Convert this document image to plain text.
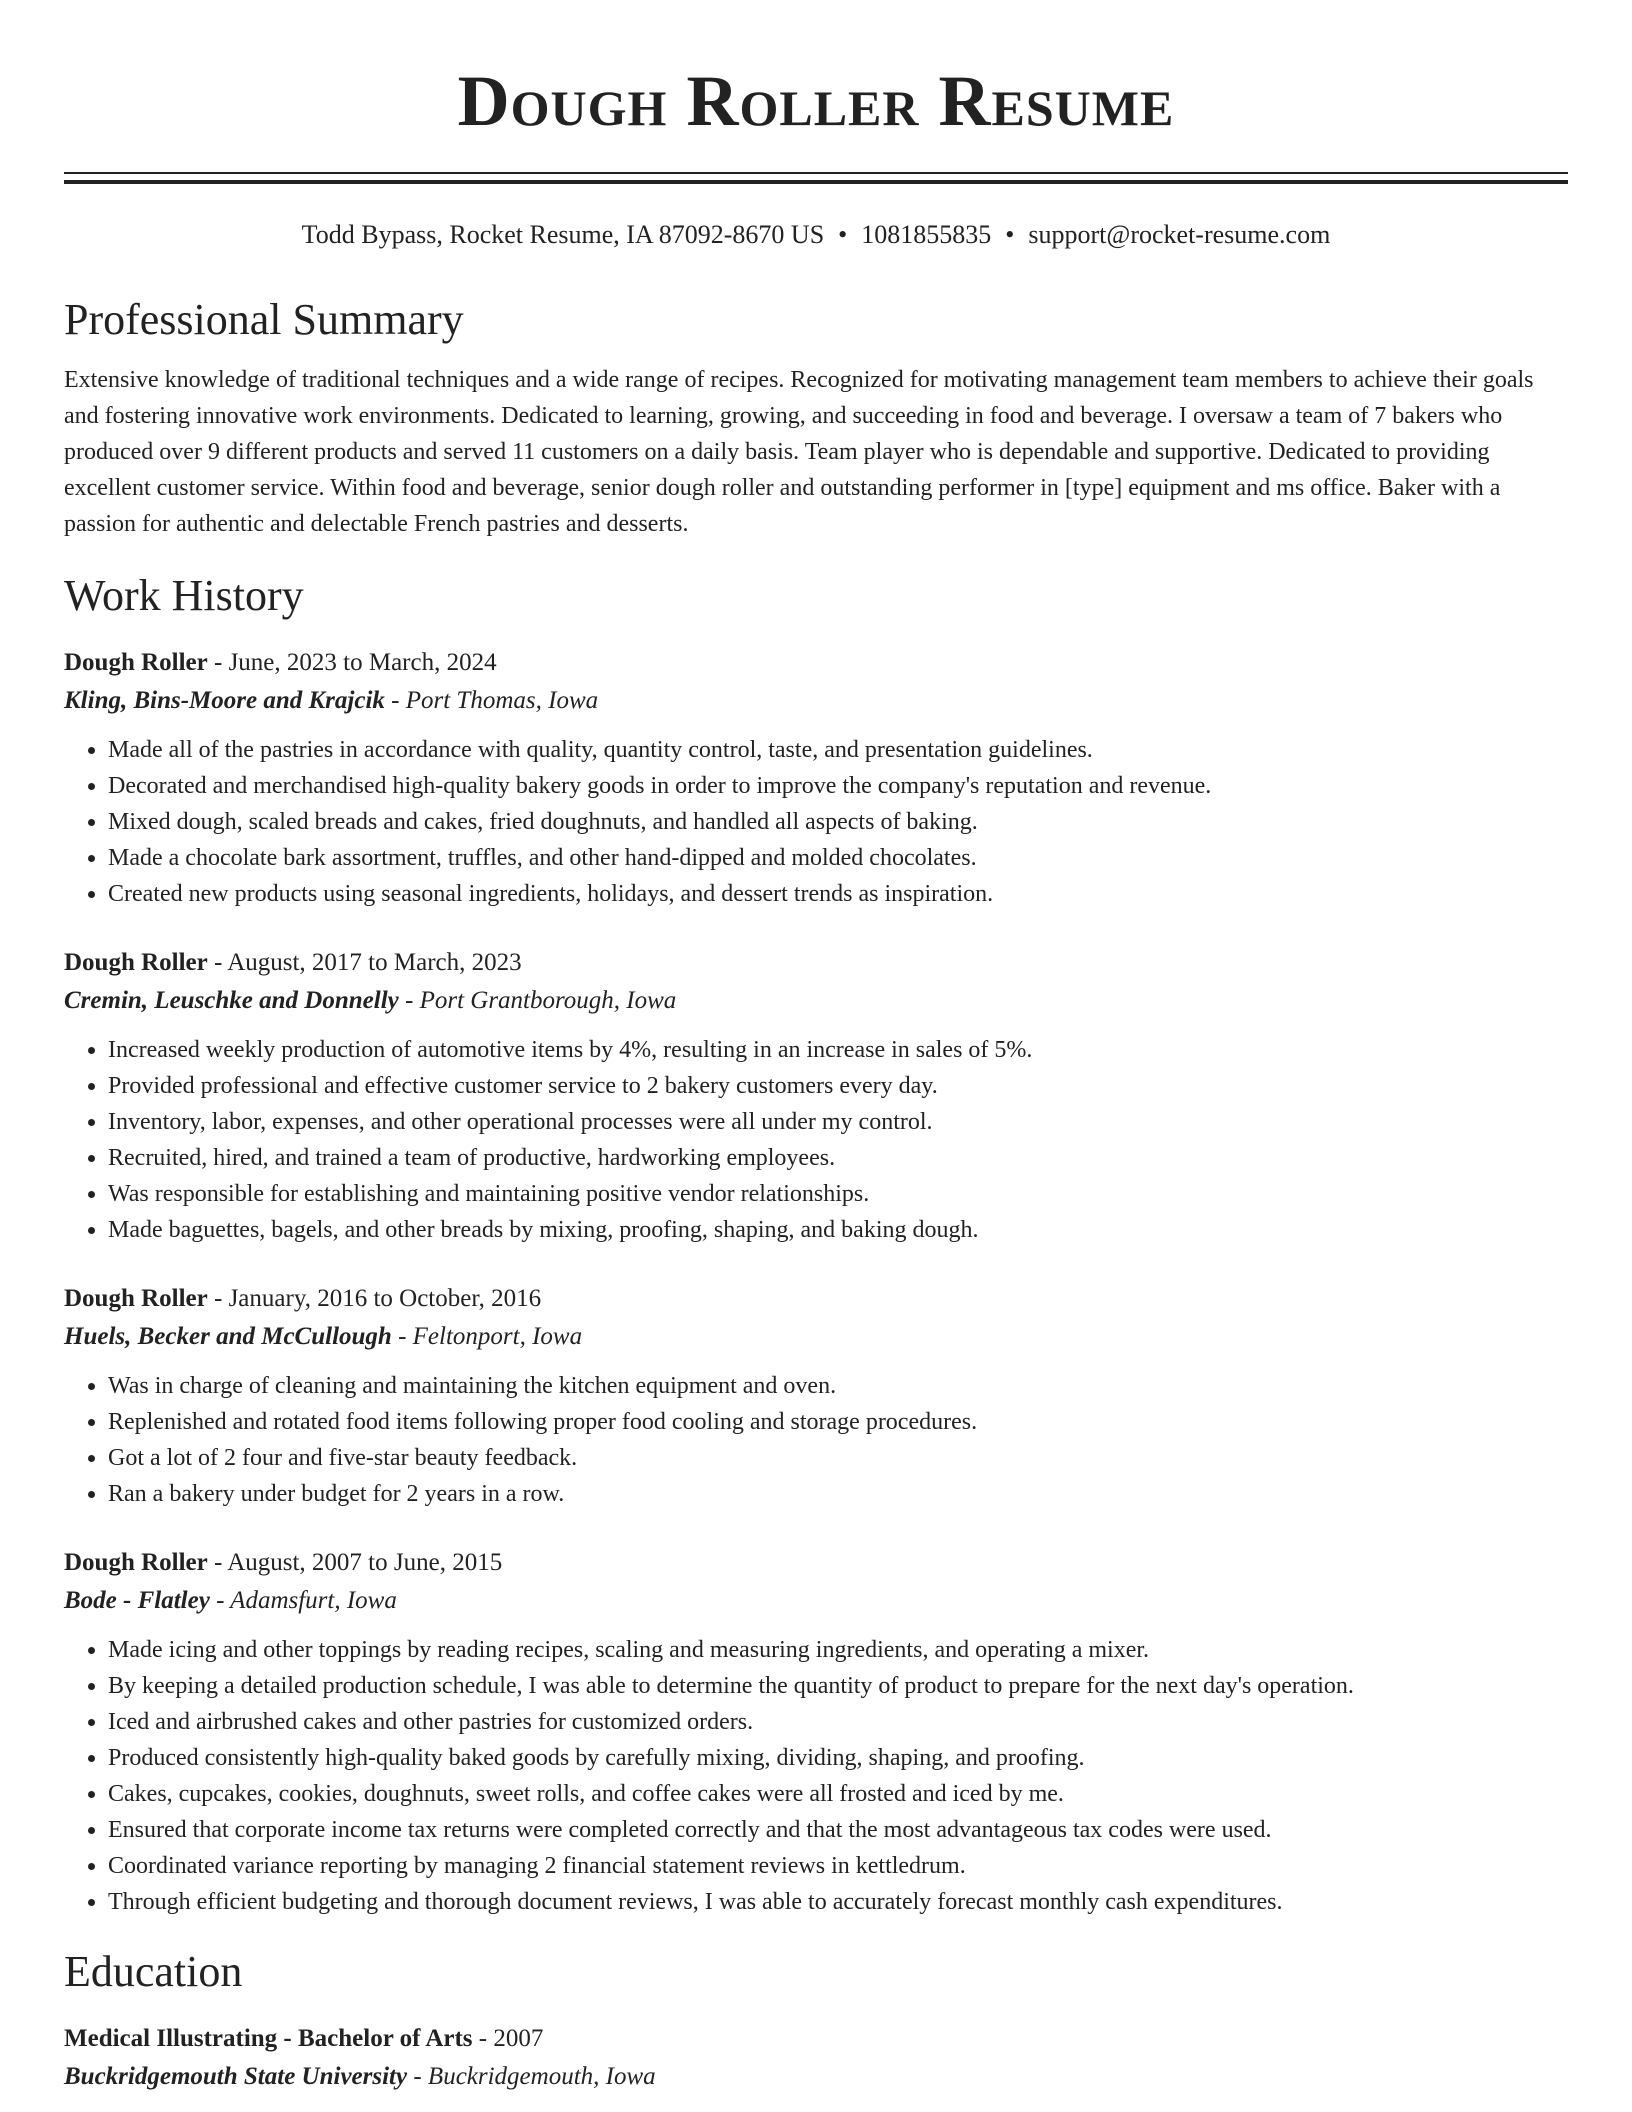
Dough Roller Resume
Todd Bypass, Rocket Resume, IA 87092-8670 US • 1081855835 • support@rocket-resume.com
Professional Summary
Extensive knowledge of traditional techniques and a wide range of recipes. Recognized for motivating management team members to achieve their goals and fostering innovative work environments. Dedicated to learning, growing, and succeeding in food and beverage. I oversaw a team of 7 bakers who produced over 9 different products and served 11 customers on a daily basis. Team player who is dependable and supportive. Dedicated to providing excellent customer service. Within food and beverage, senior dough roller and outstanding performer in [type] equipment and ms office. Baker with a passion for authentic and delectable French pastries and desserts.
Work History
Dough Roller - June, 2023 to March, 2024
Kling, Bins-Moore and Krajcik - Port Thomas, Iowa
• Made all of the pastries in accordance with quality, quantity control, taste, and presentation guidelines.
• Decorated and merchandised high-quality bakery goods in order to improve the company's reputation and revenue.
• Mixed dough, scaled breads and cakes, fried doughnuts, and handled all aspects of baking.
• Made a chocolate bark assortment, truffles, and other hand-dipped and molded chocolates.
• Created new products using seasonal ingredients, holidays, and dessert trends as inspiration.
Dough Roller - August, 2017 to March, 2023
Cremin, Leuschke and Donnelly - Port Grantborough, Iowa
• Increased weekly production of automotive items by 4%, resulting in an increase in sales of 5%.
• Provided professional and effective customer service to 2 bakery customers every day.
• Inventory, labor, expenses, and other operational processes were all under my control.
• Recruited, hired, and trained a team of productive, hardworking employees.
• Was responsible for establishing and maintaining positive vendor relationships.
• Made baguettes, bagels, and other breads by mixing, proofing, shaping, and baking dough.
Dough Roller - January, 2016 to October, 2016
Huels, Becker and McCullough - Feltonport, Iowa
• Was in charge of cleaning and maintaining the kitchen equipment and oven.
• Replenished and rotated food items following proper food cooling and storage procedures.
• Got a lot of 2 four and five-star beauty feedback.
• Ran a bakery under budget for 2 years in a row.
Dough Roller - August, 2007 to June, 2015
Bode - Flatley - Adamsfurt, Iowa
• Made icing and other toppings by reading recipes, scaling and measuring ingredients, and operating a mixer.
• By keeping a detailed production schedule, I was able to determine the quantity of product to prepare for the next day's operation.
• Iced and airbrushed cakes and other pastries for customized orders.
• Produced consistently high-quality baked goods by carefully mixing, dividing, shaping, and proofing.
• Cakes, cupcakes, cookies, doughnuts, sweet rolls, and coffee cakes were all frosted and iced by me.
• Ensured that corporate income tax returns were completed correctly and that the most advantageous tax codes were used.
• Coordinated variance reporting by managing 2 financial statement reviews in kettledrum.
• Through efficient budgeting and thorough document reviews, I was able to accurately forecast monthly cash expenditures.
Education
Medical Illustrating - Bachelor of Arts - 2007
Buckridgemouth State University - Buckridgemouth, Iowa
